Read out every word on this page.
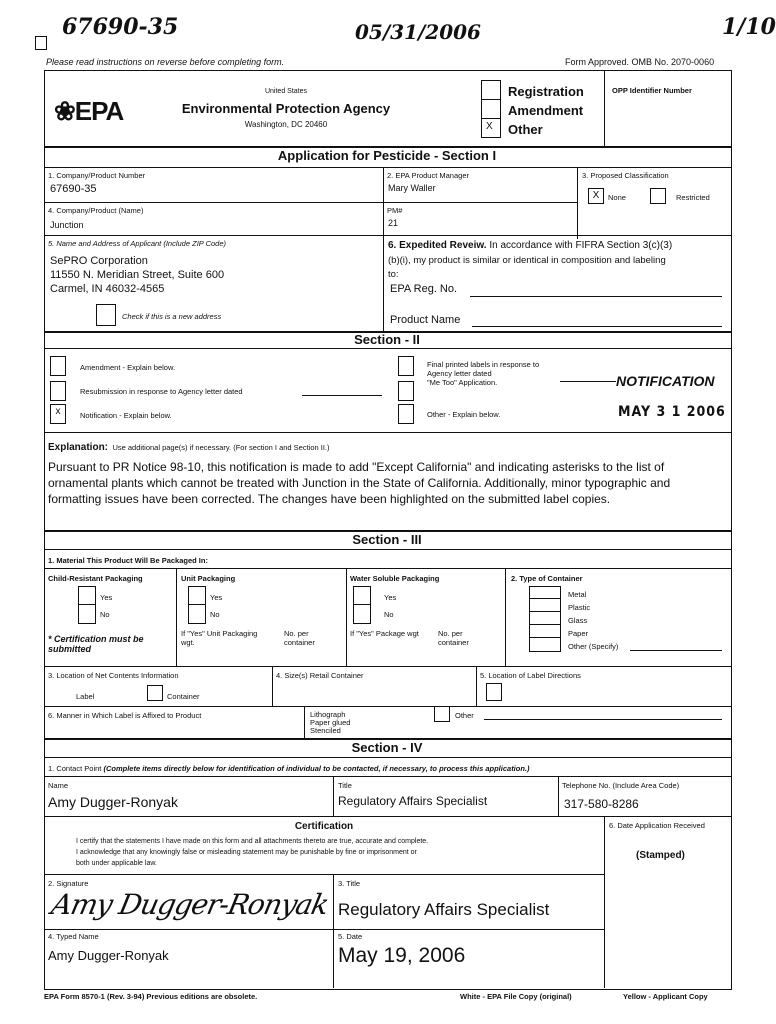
67690-35	05/31/2006	1/10
Please read instructions on reverse before completing form.	Form Approved. OMB No. 2070-0060
❀EPA
United States
Environmental Protection Agency
Washington, DC 20460	X
Registration
Amendment
Other
OPP Identifier Number
Application for Pesticide - Section I
1. Company/Product Number
67690-35
2. EPA Product Manager
Mary Waller
3. Proposed Classification
X	None	Restricted
4. Company/Product (Name)
Junction
PM#
21
5. Name and Address of Applicant (Include ZIP Code)
SePRO Corporation
11550 N. Meridian Street, Suite 600
Carmel, IN 46032-4565
Check if this is a new address
6. Expedited Reveiw. In accordance with FIFRA Section 3(c)(3)
(b)(i), my product is similar or identical in composition and labeling
to:
EPA Reg. No.
Product Name
Section - II
Amendment - Explain below.
Resubmission in response to Agency letter dated
x	Notification - Explain below.
Final printed labels in response to
Agency letter dated
"Me Too" Application.
Other - Explain below.
NOTIFICATION
MAY 3 1 2006
Explanation: Use additional page(s) if necessary. (For section I and Section II.)
Pursuant to PR Notice 98-10, this notification is made to add "Except California" and indicating asterisks to the list of ornamental plants which cannot be treated with Junction in the State of California. Additionally, minor typographic and formatting issues have been corrected. The changes have been highlighted on the submitted label copies.
Section - III
1. Material This Product Will Be Packaged In:
Child-Resistant Packaging	Unit Packaging	Water Soluble Packaging	2. Type of Container
Yes
No
Yes
No
Yes
No
Metal
Plastic
Glass
Paper
Other (Specify)
* Certification must be submitted
If "Yes" Unit Packaging wgt.
No. per container
If "Yes" Package wgt	No. per container
3. Location of Net Contents Information
Label	Container
4. Size(s) Retail Container	5. Location of Label Directions
6. Manner in Which Label is Affixed to Product	Lithograph
Paper glued
Stenciled
Other
Section - IV
1. Contact Point (Complete items directly below for identification of individual to be contacted, if necessary, to process this application.)
Name
Amy Dugger-Ronyak
Title
Regulatory Affairs Specialist
Telephone No. (Include Area Code)
317-580-8286
Certification
I certify that the statements I have made on this form and all attachments thereto are true, accurate and complete.
I acknowledge that any knowingly false or misleading statement may be punishable by fine or imprisonment or
both under applicable law.
6. Date Application Received
(Stamped)
2. Signature
Amy Dugger-Ronyak
3. Title
Regulatory Affairs Specialist
4. Typed Name
Amy Dugger-Ronyak
5. Date
May 19, 2006
EPA Form 8570-1 (Rev. 3-94) Previous editions are obsolete.	White - EPA File Copy (original)	Yellow - Applicant Copy
